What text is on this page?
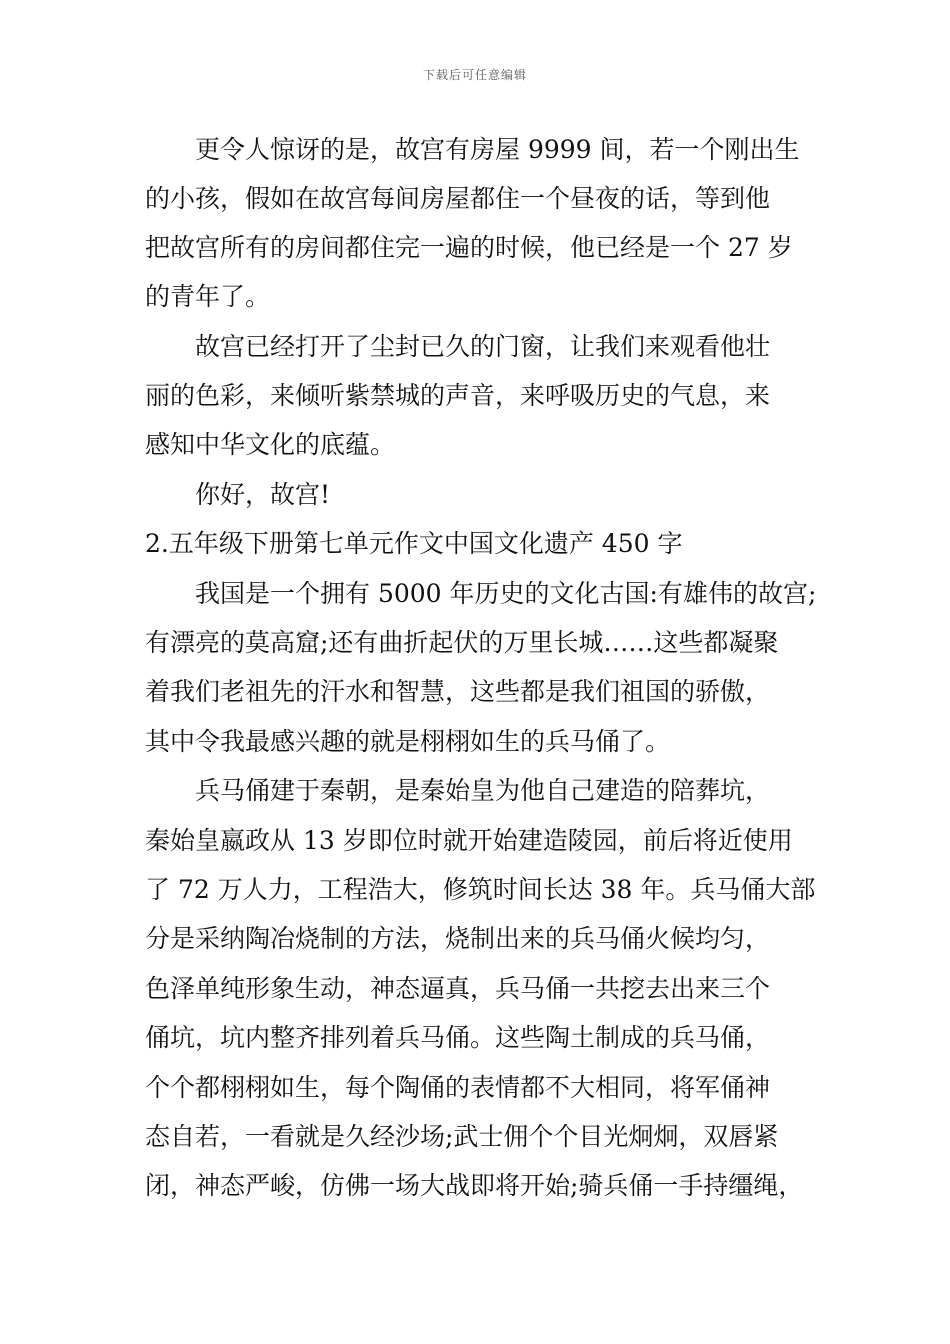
下载后可任意编辑
　　更令人惊讶的是，故宫有房屋 9999 间，若一个刚出生
的小孩，假如在故宫每间房屋都住一个昼夜的话，等到他
把故宫所有的房间都住完一遍的时候，他已经是一个 27 岁
的青年了。
　　故宫已经打开了尘封已久的门窗，让我们来观看他壮
丽的色彩，来倾听紫禁城的声音，来呼吸历史的气息，来
感知中华文化的底蕴。
　　你好，故宫!
2.五年级下册第七单元作文中国文化遗产 450 字
　　我国是一个拥有 5000 年历史的文化古国:有雄伟的故宫;
有漂亮的莫高窟;还有曲折起伏的万里长城……这些都凝聚
着我们老祖先的汗水和智慧，这些都是我们祖国的骄傲，
其中令我最感兴趣的就是栩栩如生的兵马俑了。
　　兵马俑建于秦朝，是秦始皇为他自己建造的陪葬坑，
秦始皇嬴政从 13 岁即位时就开始建造陵园，前后将近使用
了 72 万人力，工程浩大，修筑时间长达 38 年。兵马俑大部
分是采纳陶冶烧制的方法，烧制出来的兵马俑火候均匀，
色泽单纯形象生动，神态逼真，兵马俑一共挖去出来三个
俑坑，坑内整齐排列着兵马俑。这些陶土制成的兵马俑，
个个都栩栩如生，每个陶俑的表情都不大相同，将军俑神
态自若，一看就是久经沙场;武士佣个个目光炯炯，双唇紧
闭，神态严峻，仿佛一场大战即将开始;骑兵俑一手持缰绳，
